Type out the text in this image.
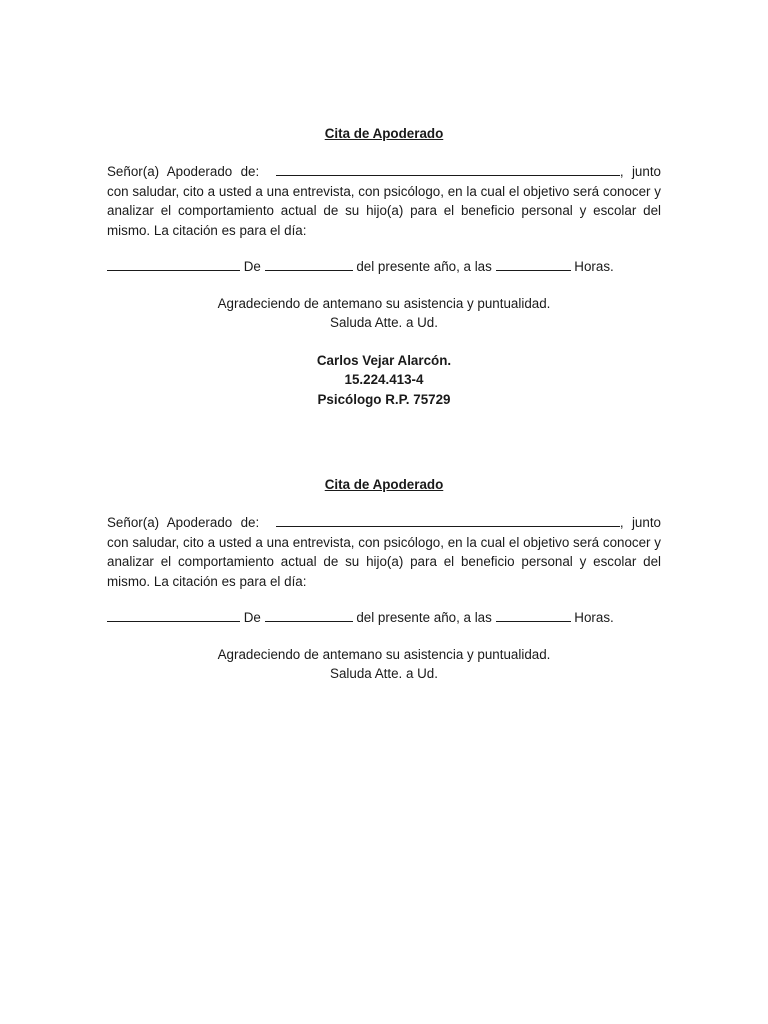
Cita de Apoderado

Señor(a) Apoderado de:	, junto con saludar, cito a usted a una entrevista, con psicólogo, en la cual el objetivo será conocer y analizar el comportamiento actual de su hijo(a) para el beneficio personal y escolar del mismo. La citación es para el día:

De	del presente año, a las	Horas.

Agradeciendo de antemano su asistencia y puntualidad.
Saluda Atte. a Ud.
Carlos Vejar Alarcón.
15.224.413-4
Psicólogo R.P. 75729

Cita de Apoderado

Señor(a) Apoderado de:	, junto con saludar, cito a usted a una entrevista, con psicólogo, en la cual el objetivo será conocer y analizar el comportamiento actual de su hijo(a) para el beneficio personal y escolar del mismo. La citación es para el día:

De	del presente año, a las	Horas.

Agradeciendo de antemano su asistencia y puntualidad.
Saluda Atte. a Ud.
